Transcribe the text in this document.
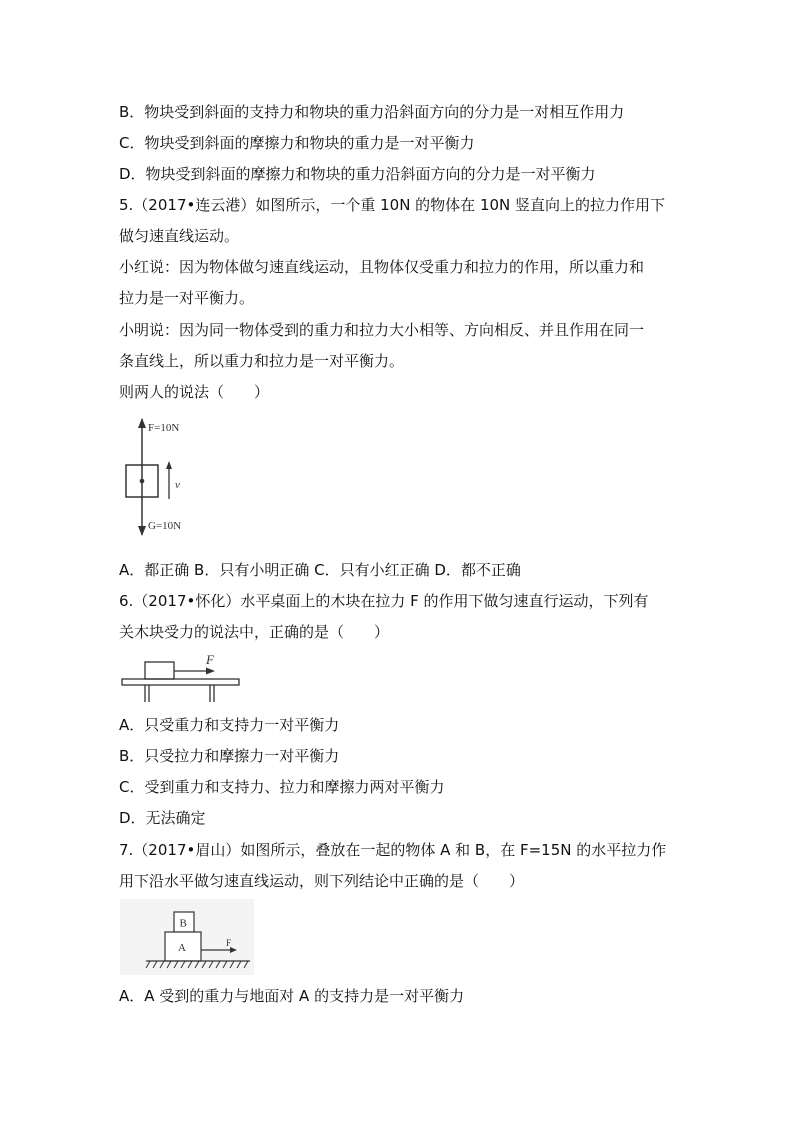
B．物块受到斜面的支持力和物块的重力沿斜面方向的分力是一对相互作用力
C．物块受到斜面的摩擦力和物块的重力是一对平衡力
D．物块受到斜面的摩擦力和物块的重力沿斜面方向的分力是一对平衡力
5.（2017•连云港）如图所示，一个重 10N 的物体在 10N 竖直向上的拉力作用下
做匀速直线运动。
小红说：因为物体做匀速直线运动，且物体仅受重力和拉力的作用，所以重力和
拉力是一对平衡力。
小明说：因为同一物体受到的重力和拉力大小相等、方向相反、并且作用在同一
条直线上，所以重力和拉力是一对平衡力。
则两人的说法（　　）
F=10N
v
G=10N
A．都正确 B．只有小明正确 C．只有小红正确 D．都不正确
6.（2017•怀化）水平桌面上的木块在拉力 F 的作用下做匀速直行运动，下列有
关木块受力的说法中，正确的是（　　）
F
A．只受重力和支持力一对平衡力
B．只受拉力和摩擦力一对平衡力
C．受到重力和支持力、拉力和摩擦力两对平衡力
D．无法确定
7.（2017•眉山）如图所示，叠放在一起的物体 A 和 B，在 F=15N 的水平拉力作
用下沿水平做匀速直线运动，则下列结论中正确的是（　　）
B
A	F
A．A 受到的重力与地面对 A 的支持力是一对平衡力
